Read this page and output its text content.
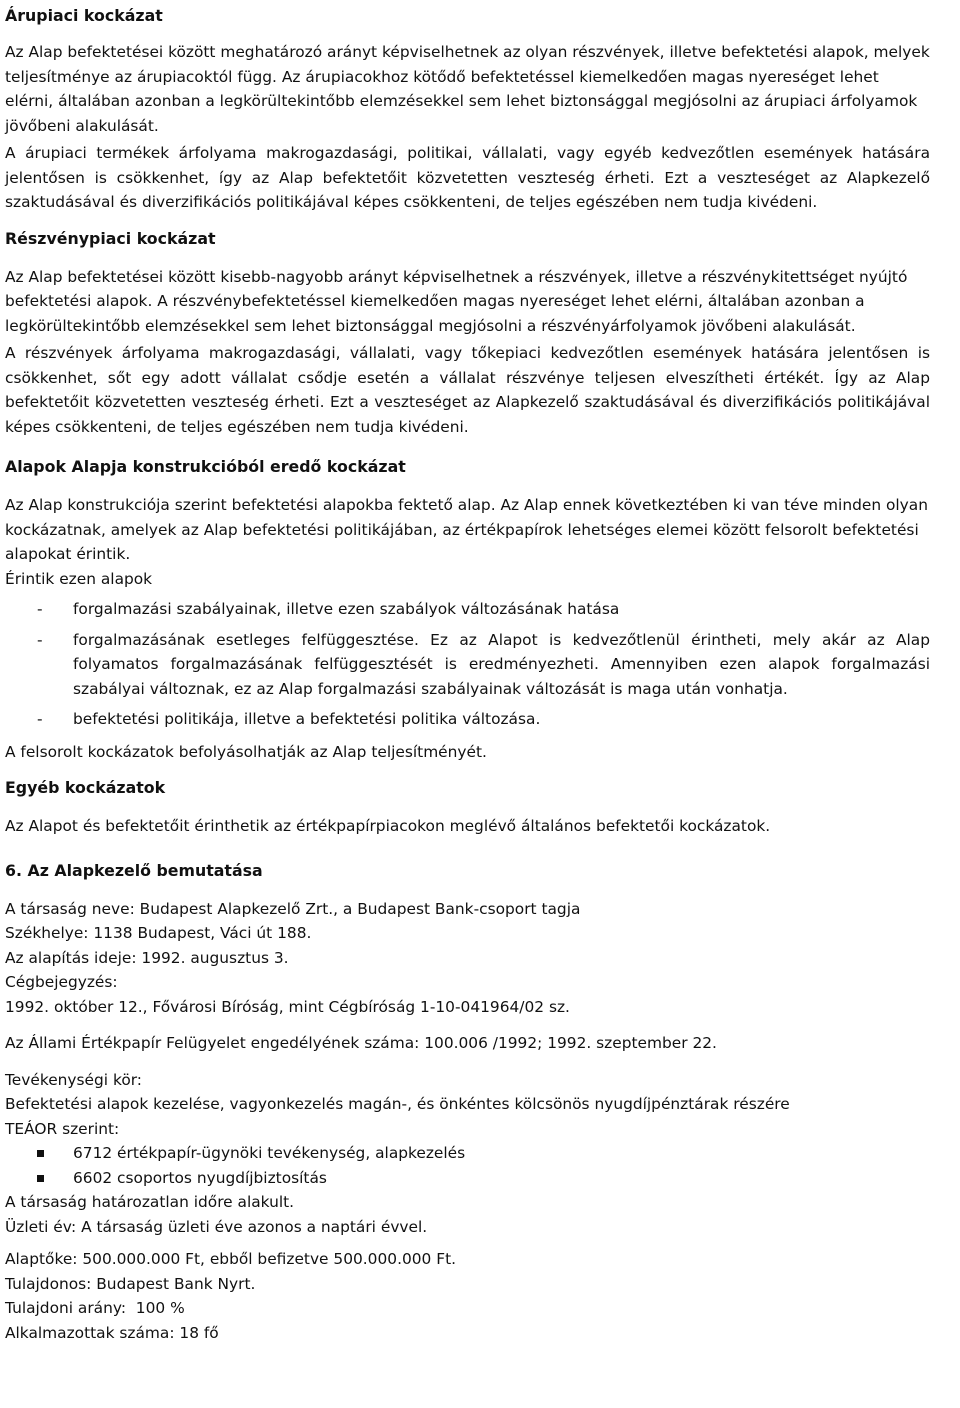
Árupiaci kockázat

Az Alap befektetései között meghatározó arányt képviselhetnek az olyan részvények, illetve befektetési alapok, melyek teljesítménye az árupiacoktól függ. Az árupiacokhoz kötődő befektetéssel kiemelkedően magas nyereséget lehet elérni, általában azonban a legkörültekintőbb elemzésekkel sem lehet biztonsággal megjósolni az árupiaci árfolyamok jövőbeni alakulását.

A árupiaci termékek árfolyama makrogazdasági, politikai, vállalati, vagy egyéb kedvezőtlen események hatására jelentősen is csökkenhet, így az Alap befektetőit közvetetten veszteség érheti. Ezt a veszteséget az Alapkezelő szaktudásával és diverzifikációs politikájával képes csökkenteni, de teljes egészében nem tudja kivédeni.

Részvénypiaci kockázat

Az Alap befektetései között kisebb-nagyobb arányt képviselhetnek a részvények, illetve a részvénykitettséget nyújtó befektetési alapok. A részvénybefektetéssel kiemelkedően magas nyereséget lehet elérni, általában azonban a legkörültekintőbb elemzésekkel sem lehet biztonsággal megjósolni a részvényárfolyamok jövőbeni alakulását.

A részvények árfolyama makrogazdasági, vállalati, vagy tőkepiaci kedvezőtlen események hatására jelentősen is csökkenhet, sőt egy adott vállalat csődje esetén a vállalat részvénye teljesen elveszítheti értékét. Így az Alap befektetőit közvetetten veszteség érheti. Ezt a veszteséget az Alapkezelő szaktudásával és diverzifikációs politikájával képes csökkenteni, de teljes egészében nem tudja kivédeni.

Alapok Alapja konstrukcióból eredő kockázat

Az Alap konstrukciója szerint befektetési alapokba fektető alap. Az Alap ennek következtében ki van téve minden olyan kockázatnak, amelyek az Alap befektetési politikájában, az értékpapírok lehetséges elemei között felsorolt befektetési alapokat érintik.

Érintik ezen alapok

- forgalmazási szabályainak, illetve ezen szabályok változásának hatása
- forgalmazásának esetleges felfüggesztése. Ez az Alapot is kedvezőtlenül érintheti, mely akár az Alap folyamatos forgalmazásának felfüggesztését is eredményezheti. Amennyiben ezen alapok forgalmazási szabályai változnak, ez az Alap forgalmazási szabályainak változását is maga után vonhatja.
- befektetési politikája, illetve a befektetési politika változása.

A felsorolt kockázatok befolyásolhatják az Alap teljesítményét.

Egyéb kockázatok

Az Alapot és befektetőit érinthetik az értékpapírpiacokon meglévő általános befektetői kockázatok.

6. Az Alapkezelő bemutatása

A társaság neve: Budapest Alapkezelő Zrt., a Budapest Bank-csoport tagja

Székhelye: 1138 Budapest, Váci út 188.

Az alapítás ideje: 1992. augusztus 3.

Cégbejegyzés:

1992. október 12., Fővárosi Bíróság, mint Cégbíróság 1-10-041964/02 sz.

Az Állami Értékpapír Felügyelet engedélyének száma: 100.006 /1992; 1992. szeptember 22.

Tevékenységi kör:

Befektetési alapok kezelése, vagyonkezelés magán-, és önkéntes kölcsönös nyugdíjpénztárak részére

TEÁOR szerint:

6712 értékpapír-ügynöki tevékenység, alapkezelés
6602 csoportos nyugdíjbiztosítás

A társaság határozatlan időre alakult.

Üzleti év: A társaság üzleti éve azonos a naptári évvel.

Alaptőke: 500.000.000 Ft, ebből befizetve 500.000.000 Ft.

Tulajdonos: Budapest Bank Nyrt.

Tulajdoni arány:  100 %

Alkalmazottak száma: 18 fő
